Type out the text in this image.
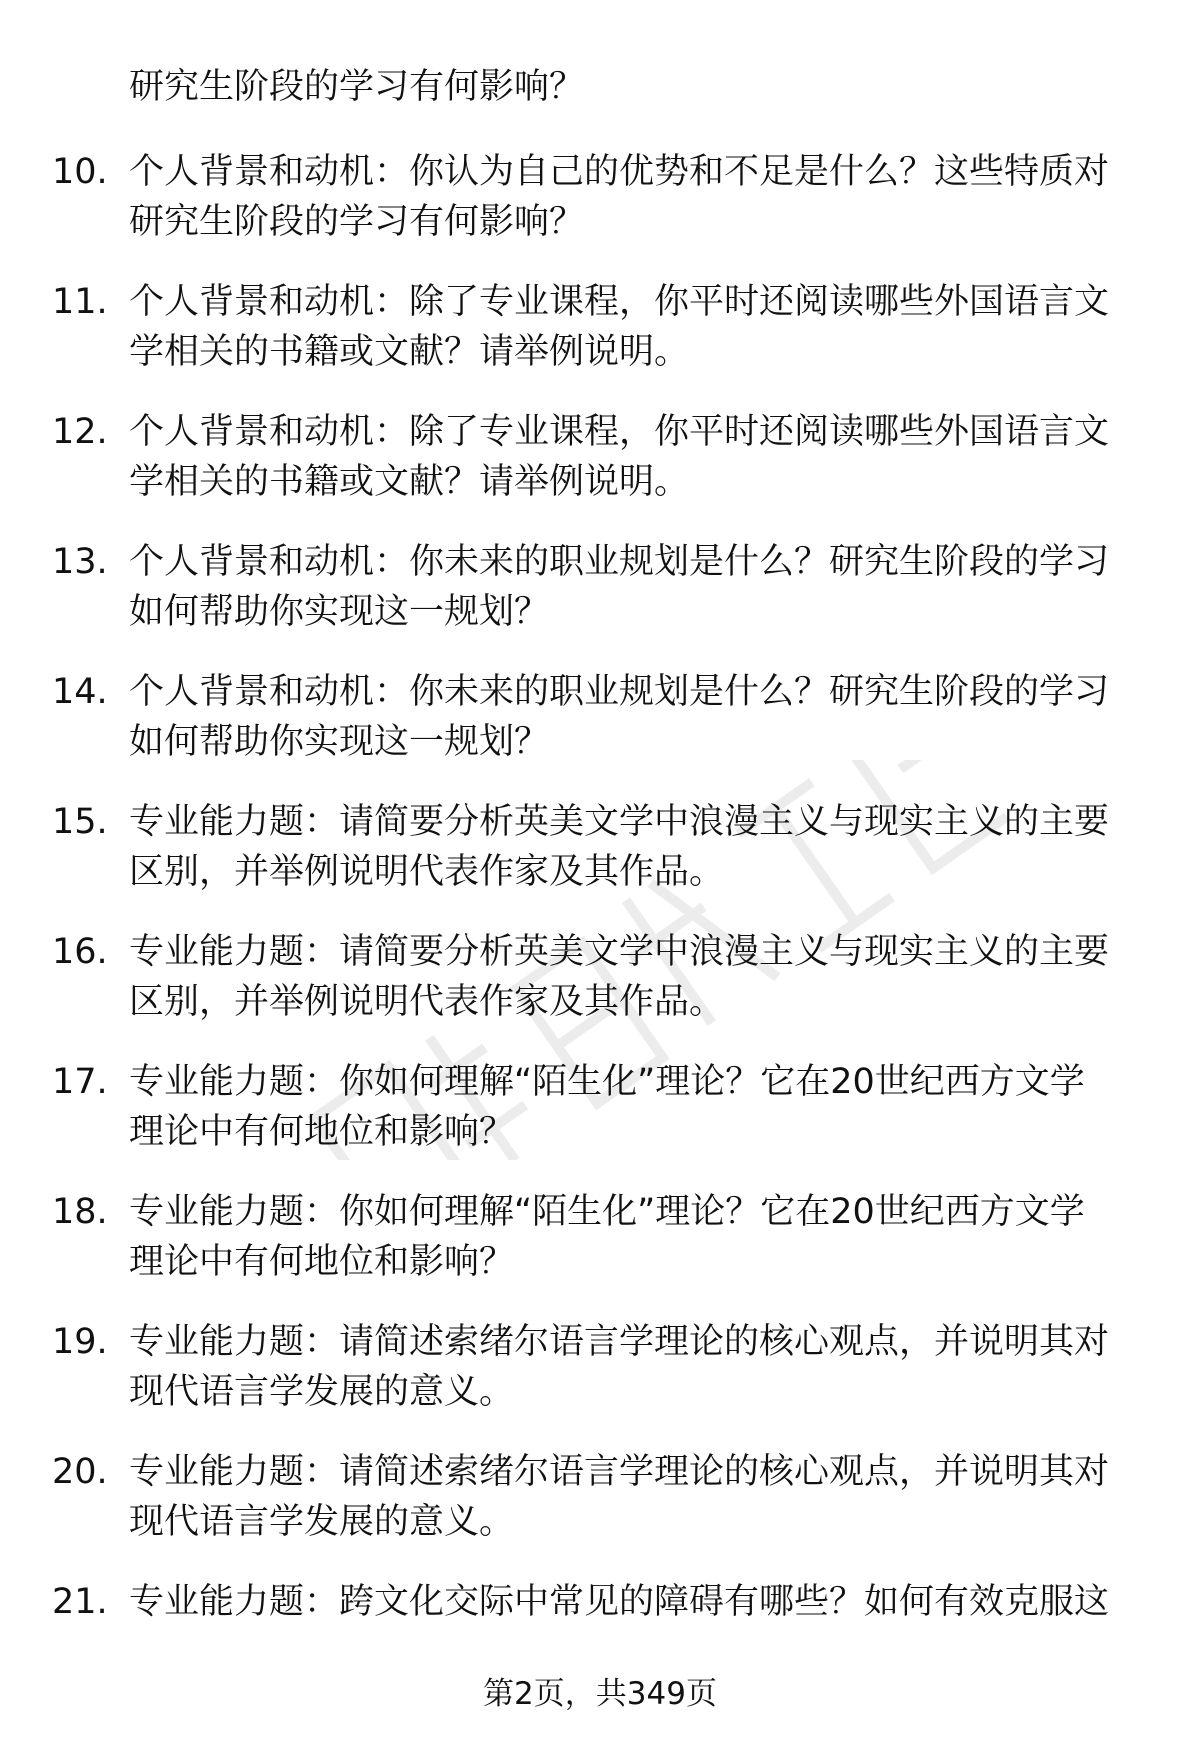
研究生阶段的学习有何影响？
10. 个人背景和动机：你认为自己的优势和不足是什么？这些特质对
研究生阶段的学习有何影响？
11. 个人背景和动机：除了专业课程，你平时还阅读哪些外国语言文
学相关的书籍或文献？请举例说明。
12. 个人背景和动机：除了专业课程，你平时还阅读哪些外国语言文
学相关的书籍或文献？请举例说明。
13. 个人背景和动机：你未来的职业规划是什么？研究生阶段的学习
如何帮助你实现这一规划？
14. 个人背景和动机：你未来的职业规划是什么？研究生阶段的学习
如何帮助你实现这一规划？
15. 专业能力题：请简要分析英美文学中浪漫主义与现实主义的主要
区别，并举例说明代表作家及其作品。
16. 专业能力题：请简要分析英美文学中浪漫主义与现实主义的主要
区别，并举例说明代表作家及其作品。
17. 专业能力题：你如何理解“陌生化”理论？它在20世纪西方文学
理论中有何地位和影响？
18. 专业能力题：你如何理解“陌生化”理论？它在20世纪西方文学
理论中有何地位和影响？
19. 专业能力题：请简述索绪尔语言学理论的核心观点，并说明其对
现代语言学发展的意义。
20. 专业能力题：请简述索绪尔语言学理论的核心观点，并说明其对
现代语言学发展的意义。
21. 专业能力题：跨文化交际中常见的障碍有哪些？如何有效克服这
第2页，共349页
